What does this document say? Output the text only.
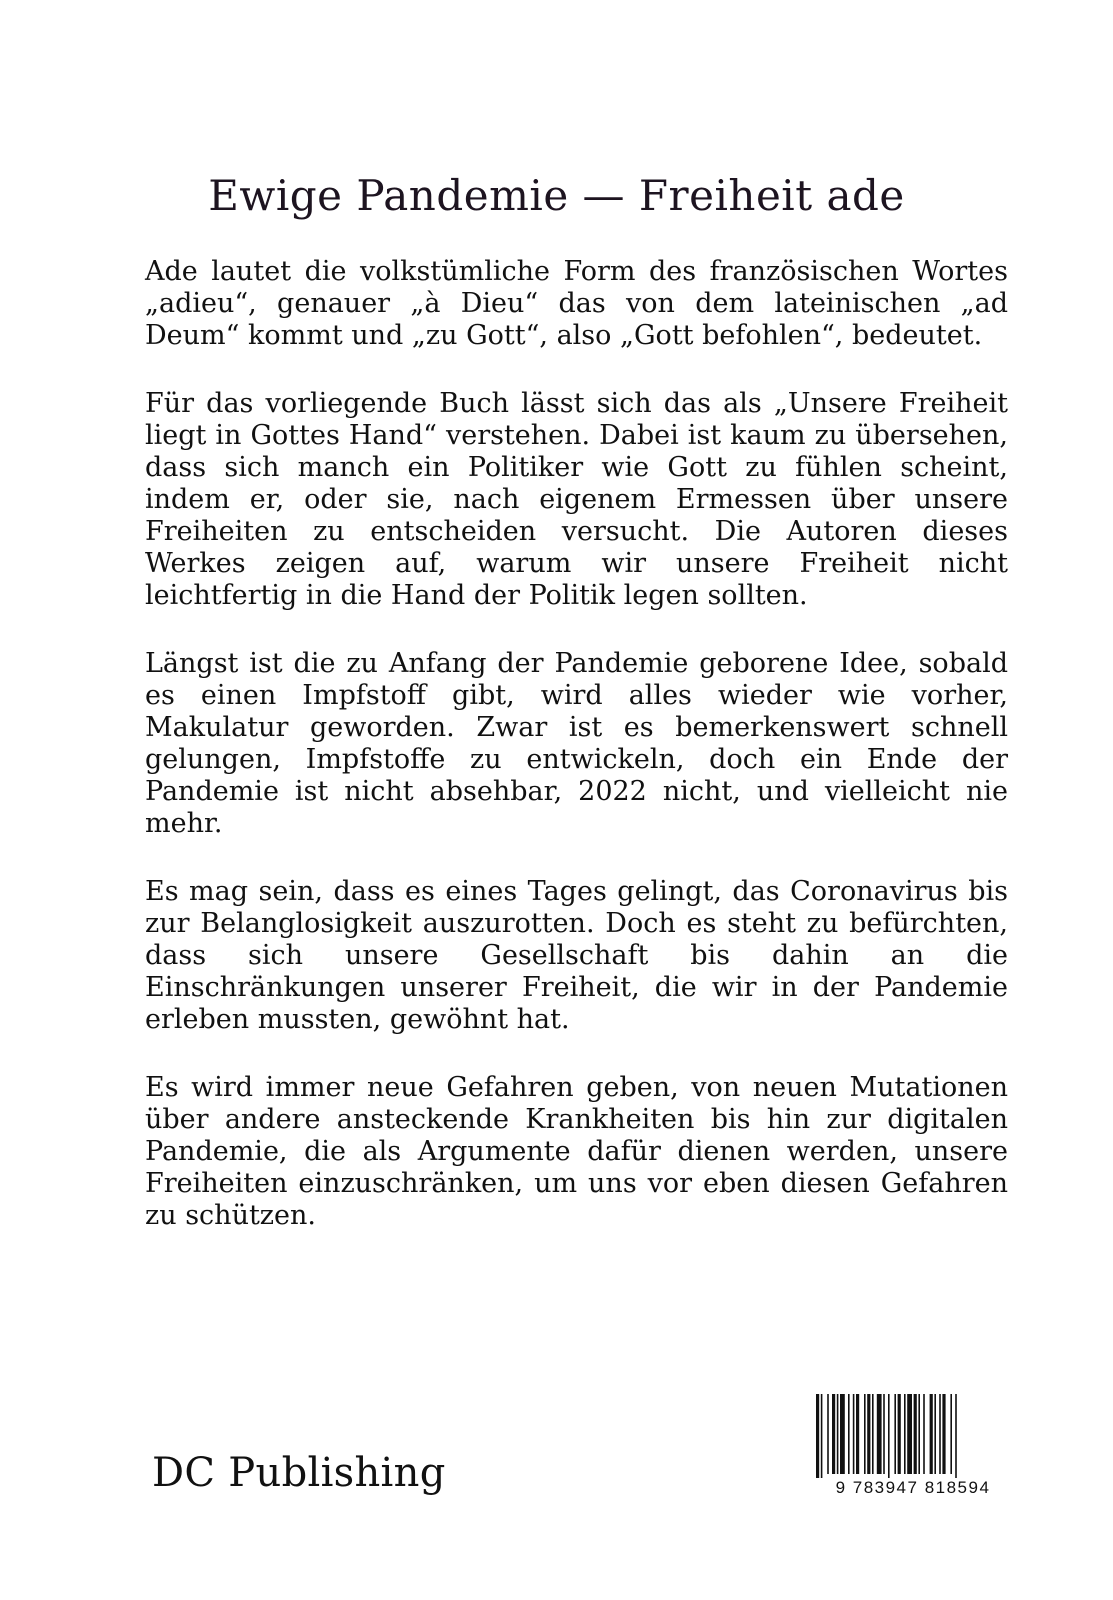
Ewige Pandemie — Freiheit ade

Ade lautet die volkstümliche Form des französischen Wortes „adieu“, genauer „à Dieu“ das von dem lateinischen „ad Deum“ kommt und „zu Gott“, also „Gott befohlen“, bedeutet.

Für das vorliegende Buch lässt sich das als „Unsere Freiheit liegt in Gottes Hand“ verstehen. Dabei ist kaum zu übersehen, dass sich manch ein Politiker wie Gott zu fühlen scheint, indem er, oder sie, nach eigenem Ermessen über unsere Freiheiten zu entscheiden versucht. Die Autoren dieses Werkes zeigen auf, warum wir unsere Freiheit nicht leichtfertig in die Hand der Politik legen sollten.

Längst ist die zu Anfang der Pandemie geborene Idee, sobald es einen Impfstoff gibt, wird alles wieder wie vorher, Makulatur geworden. Zwar ist es bemerkenswert schnell gelungen, Impfstoffe zu entwickeln, doch ein Ende der Pandemie ist nicht absehbar, 2022 nicht, und vielleicht nie mehr.

Es mag sein, dass es eines Tages gelingt, das Coronavirus bis zur Belanglosigkeit auszurotten. Doch es steht zu befürchten, dass sich unsere Gesellschaft bis dahin an die Einschränkungen unserer Freiheit, die wir in der Pandemie erleben mussten, gewöhnt hat.

Es wird immer neue Gefahren geben, von neuen Mutationen über andere ansteckende Krankheiten bis hin zur digitalen Pandemie, die als Argumente dafür dienen werden, unsere Freiheiten einzuschränken, um uns vor eben diesen Gefahren zu schützen.

DC Publishing	9 783947 818594
